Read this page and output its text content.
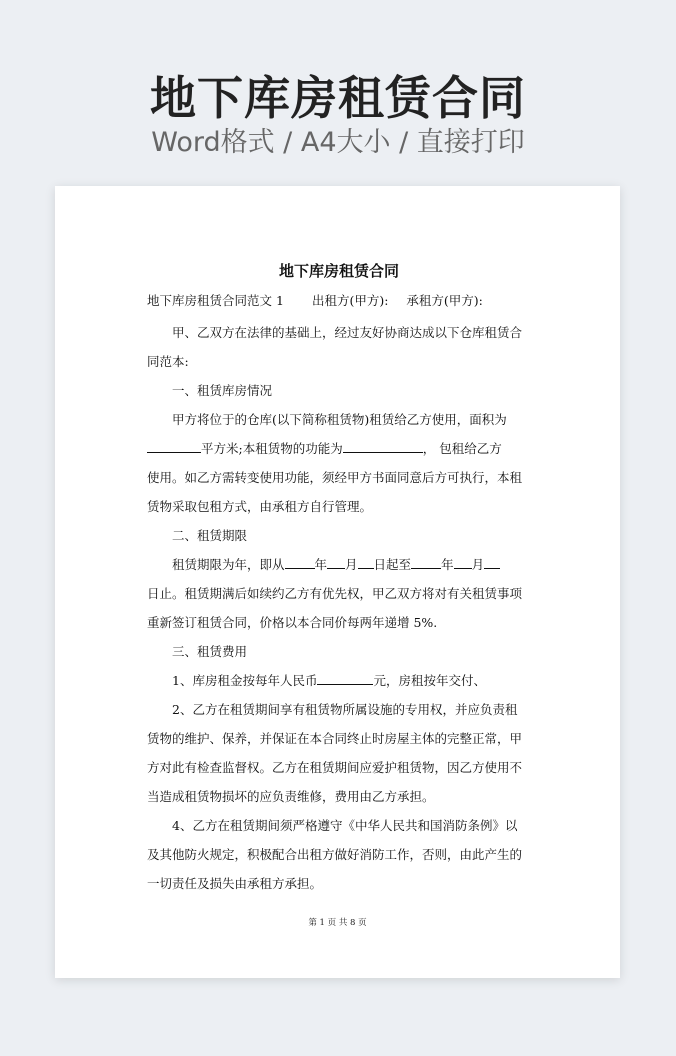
地下库房租赁合同
Word格式 / A4大小 / 直接打印
地下库房租赁合同

地下库房租赁合同范文 1 出租方(甲方): 承租方(甲方):

甲、乙双方在法律的基础上，经过友好协商达成以下仓库租赁合

同范本:

一、租赁库房情况

甲方将位于的仓库(以下简称租赁物)租赁给乙方使用，面积为

平方米;本租赁物的功能为	， 包租给乙方

使用。如乙方需转变使用功能，须经甲方书面同意后方可执行，本租

赁物采取包租方式，由承租方自行管理。

二、租赁期限

租赁期限为年，即从 年 月 日起至 年 月

日止。租赁期满后如续约乙方有优先权，甲乙双方将对有关租赁事项

重新签订租赁合同，价格以本合同价每两年递增 5%.

三、租赁费用

1、库房租金按每年人民币	元，房租按年交付、

2、乙方在租赁期间享有租赁物所属设施的专用权，并应负责租

赁物的维护、保养，并保证在本合同终止时房屋主体的完整正常，甲

方对此有检查监督权。乙方在租赁期间应爱护租赁物，因乙方使用不

当造成租赁物损坏的应负责维修，费用由乙方承担。

4、乙方在租赁期间须严格遵守《中华人民共和国消防条例》以

及其他防火规定，积极配合出租方做好消防工作，否则，由此产生的

一切责任及损失由承租方承担。

第 1 页 共 8 页
